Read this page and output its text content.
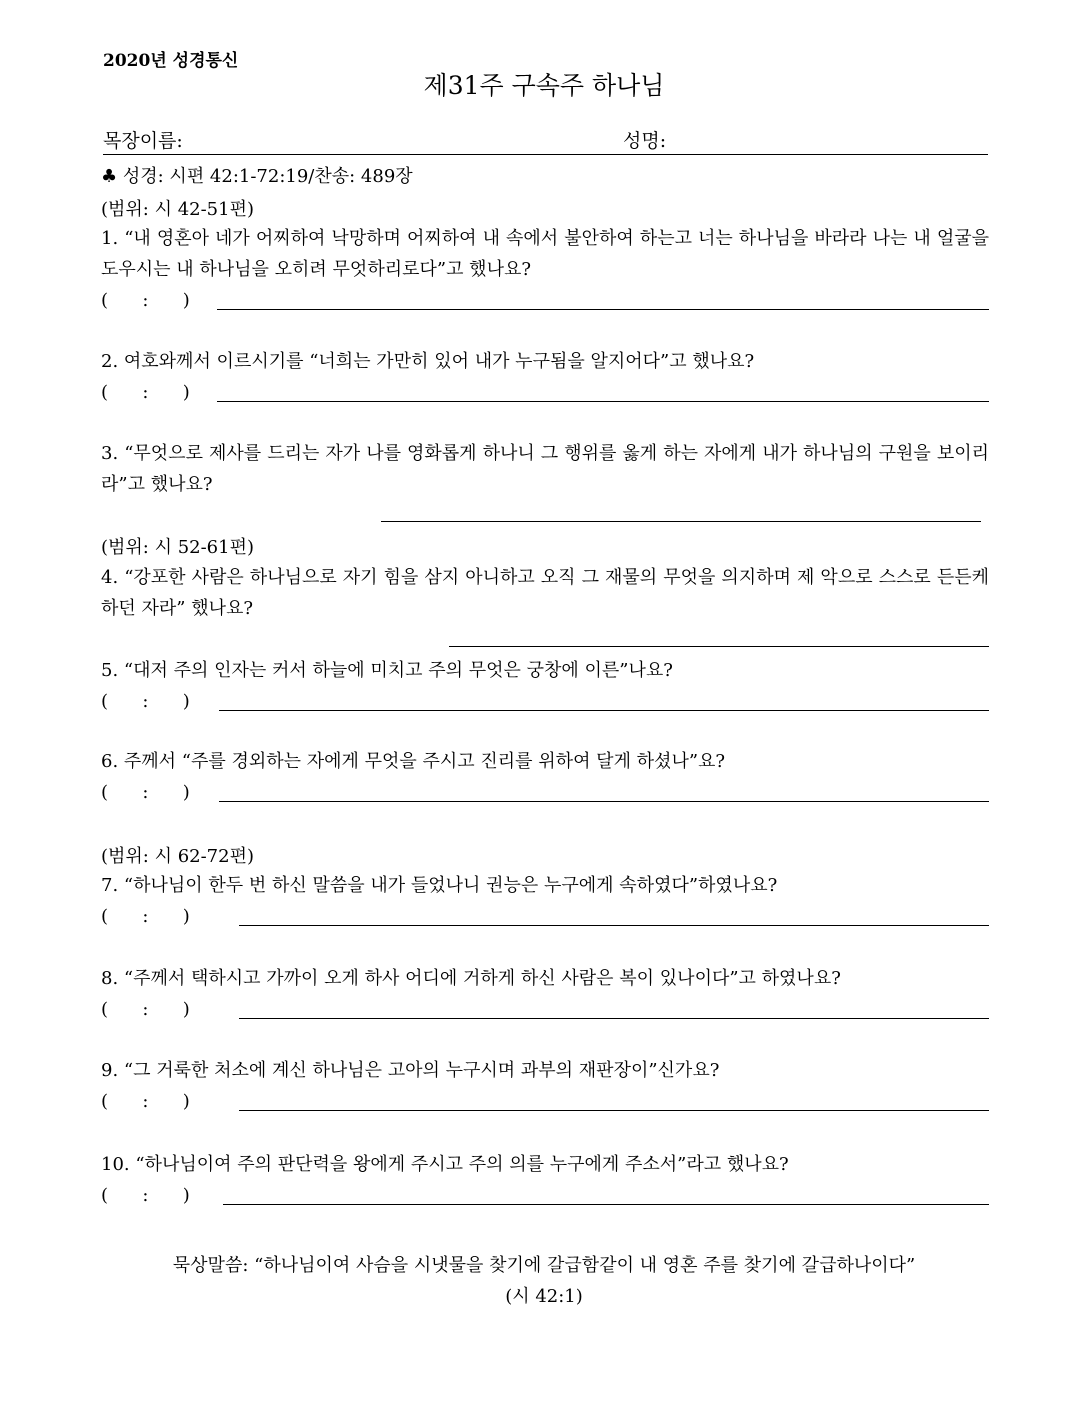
2020년 성경통신
제31주 구속주 하나님
목장이름:	성명:
♣ 성경: 시편 42:1-72:19/찬송: 489장
(범위: 시 42-51편)
1. “내 영혼아 네가 어찌하여 낙망하며 어찌하여 내 속에서 불안하여 하는고 너는 하나님을 바라라 나는 내 얼굴을 도우시는 내 하나님을 오히려 무엇하리로다”고 했나요?
(      :      )
2. 여호와께서 이르시기를 “너희는 가만히 있어 내가 누구됨을 알지어다”고 했나요?
(      :      )
3. “무엇으로 제사를 드리는 자가 나를 영화롭게 하나니 그 행위를 옳게 하는 자에게 내가 하나님의 구원을 보이리라”고 했나요?
(범위: 시 52-61편)
4. “강포한 사람은 하나님으로 자기 힘을 삼지 아니하고 오직 그 재물의 무엇을 의지하며 제 악으로 스스로 든든케 하던 자라” 했나요?
5. “대저 주의 인자는 커서 하늘에 미치고 주의 무엇은 궁창에 이른”나요?
(      :      )
6. 주께서 “주를 경외하는 자에게 무엇을 주시고 진리를 위하여 달게 하셨나”요?
(      :      )
(범위: 시 62-72편)
7. “하나님이 한두 번 하신 말씀을 내가 들었나니 권능은 누구에게 속하였다”하였나요?
(      :      )
8. “주께서 택하시고 가까이 오게 하사 어디에 거하게 하신 사람은 복이 있나이다”고 하였나요?
(      :      )
9. “그 거룩한 처소에 계신 하나님은 고아의 누구시며 과부의 재판장이”신가요?
(      :      )
10. “하나님이여 주의 판단력을 왕에게 주시고 주의 의를 누구에게 주소서”라고 했나요?
(      :      )
묵상말씀: “하나님이여 사슴을 시냇물을 찾기에 갈급함같이 내 영혼 주를 찾기에 갈급하나이다”
(시 42:1)
